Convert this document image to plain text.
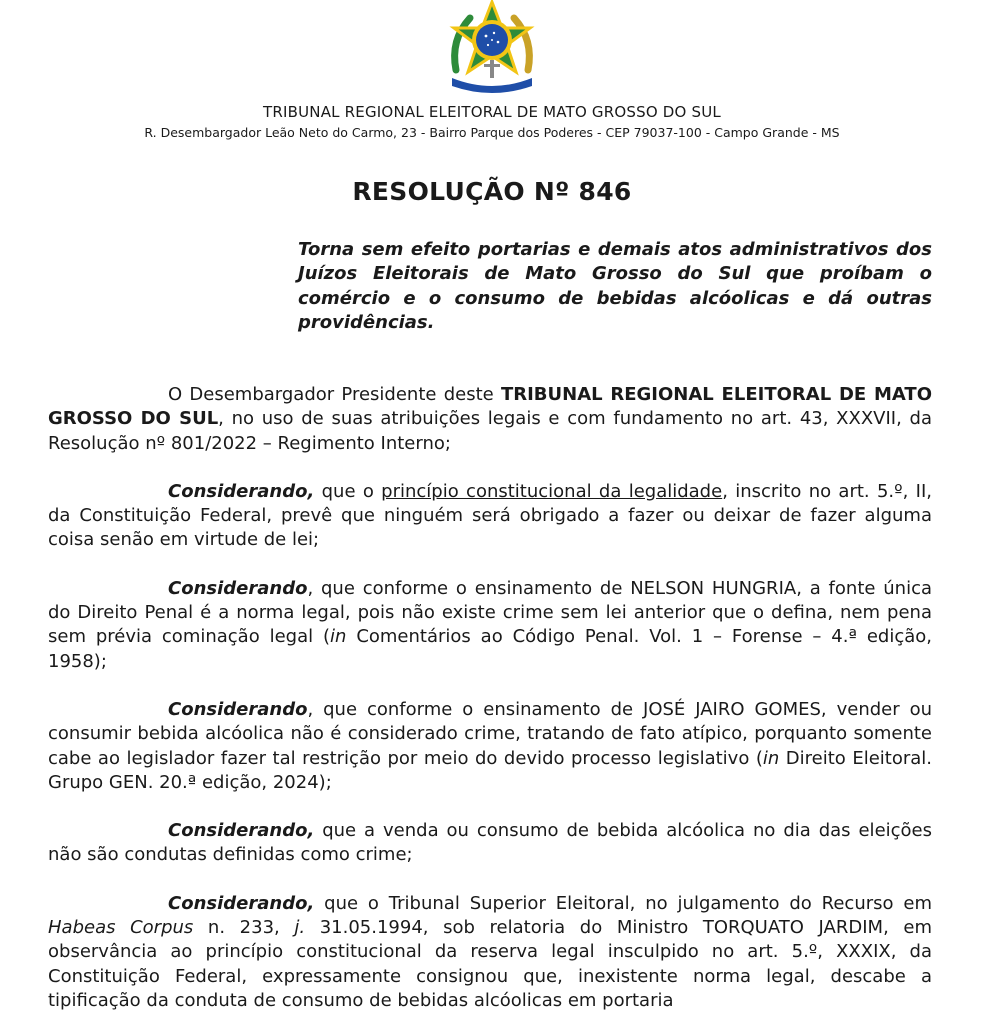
TRIBUNAL REGIONAL ELEITORAL DE MATO GROSSO DO SUL
R. Desembargador Leão Neto do Carmo, 23 - Bairro Parque dos Poderes - CEP 79037-100 - Campo Grande - MS
RESOLUÇÃO Nº 846
Torna sem efeito portarias e demais atos administrativos dos Juízos Eleitorais de Mato Grosso do Sul que proíbam o comércio e o consumo de bebidas alcóolicas e dá outras providências.

O Desembargador Presidente deste TRIBUNAL REGIONAL ELEITORAL DE MATO GROSSO DO SUL, no uso de suas atribuições legais e com fundamento no art. 43, XXXVII, da Resolução nº 801/2022 – Regimento Interno;

Considerando, que o princípio constitucional da legalidade, inscrito no art. 5.º, II, da Constituição Federal, prevê que ninguém será obrigado a fazer ou deixar de fazer alguma coisa senão em virtude de lei;

Considerando, que conforme o ensinamento de NELSON HUNGRIA, a fonte única do Direito Penal é a norma legal, pois não existe crime sem lei anterior que o defina, nem pena sem prévia cominação legal (in Comentários ao Código Penal. Vol. 1 – Forense – 4.ª edição, 1958);

Considerando, que conforme o ensinamento de JOSÉ JAIRO GOMES, vender ou consumir bebida alcóolica não é considerado crime, tratando de fato atípico, porquanto somente cabe ao legislador fazer tal restrição por meio do devido processo legislativo (in Direito Eleitoral. Grupo GEN. 20.ª edição, 2024);

Considerando, que a venda ou consumo de bebida alcóolica no dia das eleições não são condutas definidas como crime;

Considerando, que o Tribunal Superior Eleitoral, no julgamento do Recurso em Habeas Corpus n. 233, j. 31.05.1994, sob relatoria do Ministro TORQUATO JARDIM, em observância ao princípio constitucional da reserva legal insculpido no art. 5.º, XXXIX, da Constituição Federal, expressamente consignou que, inexistente norma legal, descabe a tipificação da conduta de consumo de bebidas alcóolicas em portaria
